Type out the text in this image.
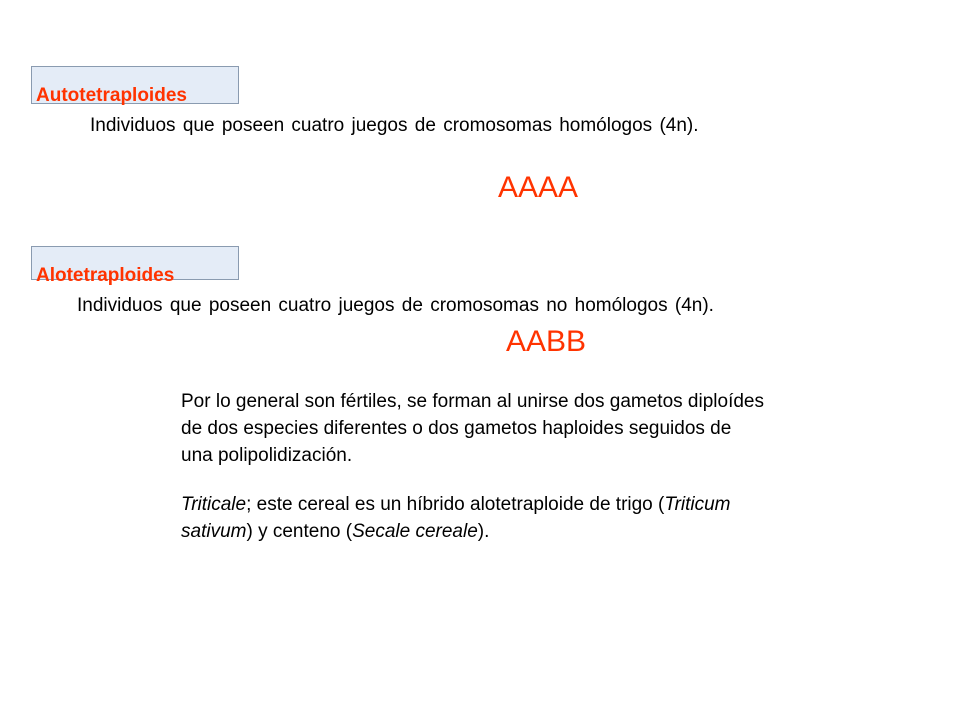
Autotetraploides
Individuos que poseen cuatro juegos de cromosomas homólogos (4n).
AAAA
Alotetraploides
Individuos que poseen cuatro juegos de cromosomas no homólogos (4n).
AABB

Por lo general son fértiles, se forman al unirse dos gametos diploídes

de dos especies diferentes o dos gametos haploides seguidos de

una polipolidización.

Triticale; este cereal es un híbrido alotetraploide de trigo (Triticum

sativum) y centeno (Secale cereale).
